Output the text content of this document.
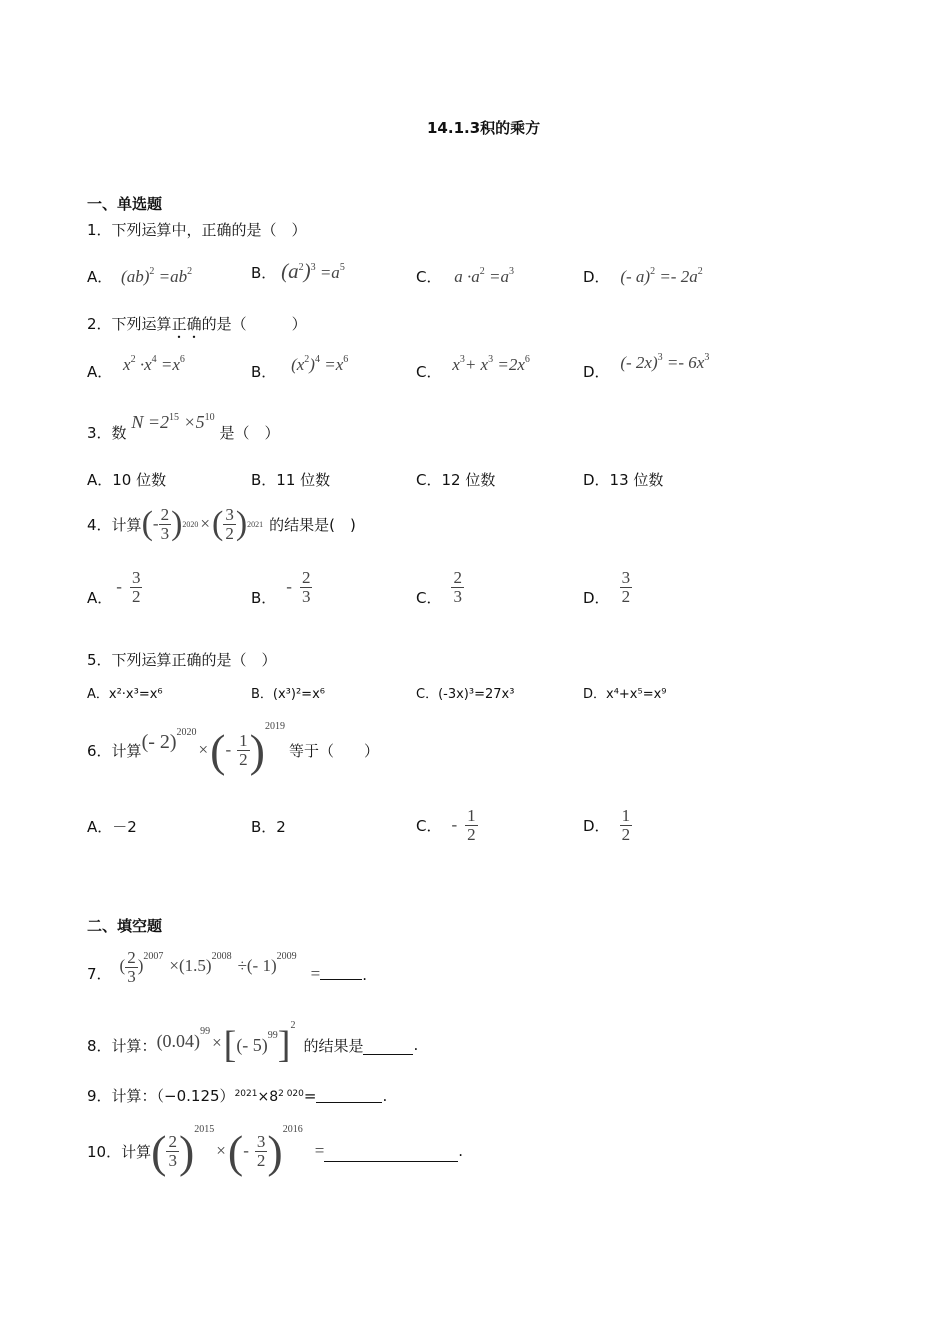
14.1.3积的乘方
一、单选题
1．下列运算中，正确的是（　）
A． $(ab)^2 =ab^2$	B． $(a^2)^3 =a^5$
C． $a \cdot a^2 =a^3$	D． (- $a)^2 =- 2a^2$
2．下列运算正确的是（　　　）
A． $x^2 \cdot x^4 =x^6$
B． $(x^2)^4 =x^6$
C． $x^3+ x^3 =2x^6$
D． (- $2x)^3 =- 6x^3$
3．数 $N =2^{15} \times 5^{10}$ 是（　）
A．10 位数	B．11 位数	C．12 位数	D．13 位数
4． 计算 ( - $\frac{2}{3}$ ) 2020 × ( $\frac{3}{2}$ ) 2021 的结果是(　)
A．
- $\frac{3}{2}$	B．
- $\frac{2}{3}$	C． $\frac{2}{3}$	D． $\frac{3}{2}$
5．下列运算正确的是（　）
A．x²·x³=x⁶	B．(x³)²=x⁶	C．(-3x)³=27x³	D．x⁴+x⁵=x⁹
6． 计算 (- 2) 2020
× ( - $\frac{1}{2}$ ) 2019
等于（　　）
A．－2	B．2	C． - $\frac{1}{2}$	D． $\frac{1}{2}$
二、填空题
7． ( $\frac{2}{3}$ ) 2007 ×(1.5) 2008 ÷(- 1) 2009
=	.
8． 计算： (0.04) 99
× [ (- 5) 99 ] 2
的结果是	.
9．计算：$(-0.125)^{2021}\times 8^{2 020}=$	.
10． 计算 ( $\frac{2}{3}$ ) 2015
× ( - $\frac{3}{2}$ ) 2016
=	.
